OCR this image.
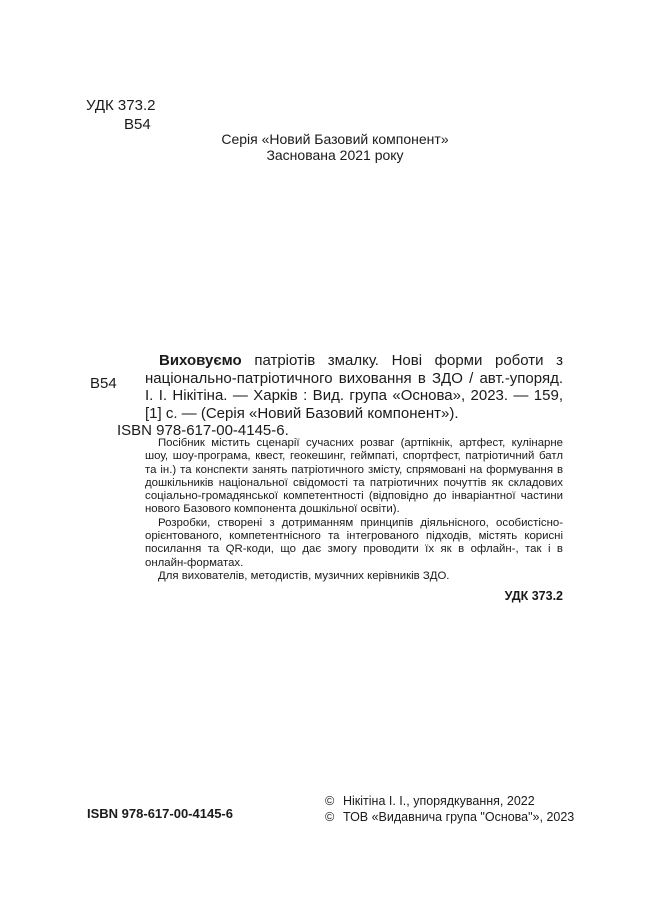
УДК 373.2
В54
Серія «Новий Базовий компонент»
Заснована 2021 року
В54
Виховуємо патріотів змалку. Нові форми роботи з національно-патріотичного виховання в ЗДО / авт.-упоряд. І. І. Нікітіна. — Харків : Вид. група «Основа», 2023. — 159, [1] с. — (Серія «Новий Базовий компонент»).
ISBN 978-617-00-4145-6.

Посібник містить сценарії сучасних розваг (артпікнік, артфест, кулінарне шоу, шоу-програма, квест, геокешинг, геймпаті, спортфест, патріотичний батл та ін.) та конспекти занять патріотичного змісту, спрямовані на формування в дошкільників національної свідомості та патріотичних почуттів як складових соціально-громадянської компетентності (відповідно до інваріантної частини нового Базового компонента дошкільної освіти).

Розробки, створені з дотриманням принципів діяльнісного, особистісно-орієнтованого, компетентнісного та інтегрованого підходів, містять корисні посилання та QR-коди, що дає змогу проводити їх як в офлайн-, так і в онлайн-форматах.

Для вихователів, методистів, музичних керівників ЗДО.

УДК 373.2
ISBN 978-617-00-4145-6
© Нікітіна І. І., упорядкування, 2022
© ТОВ «Видавнича група "Основа"», 2023
